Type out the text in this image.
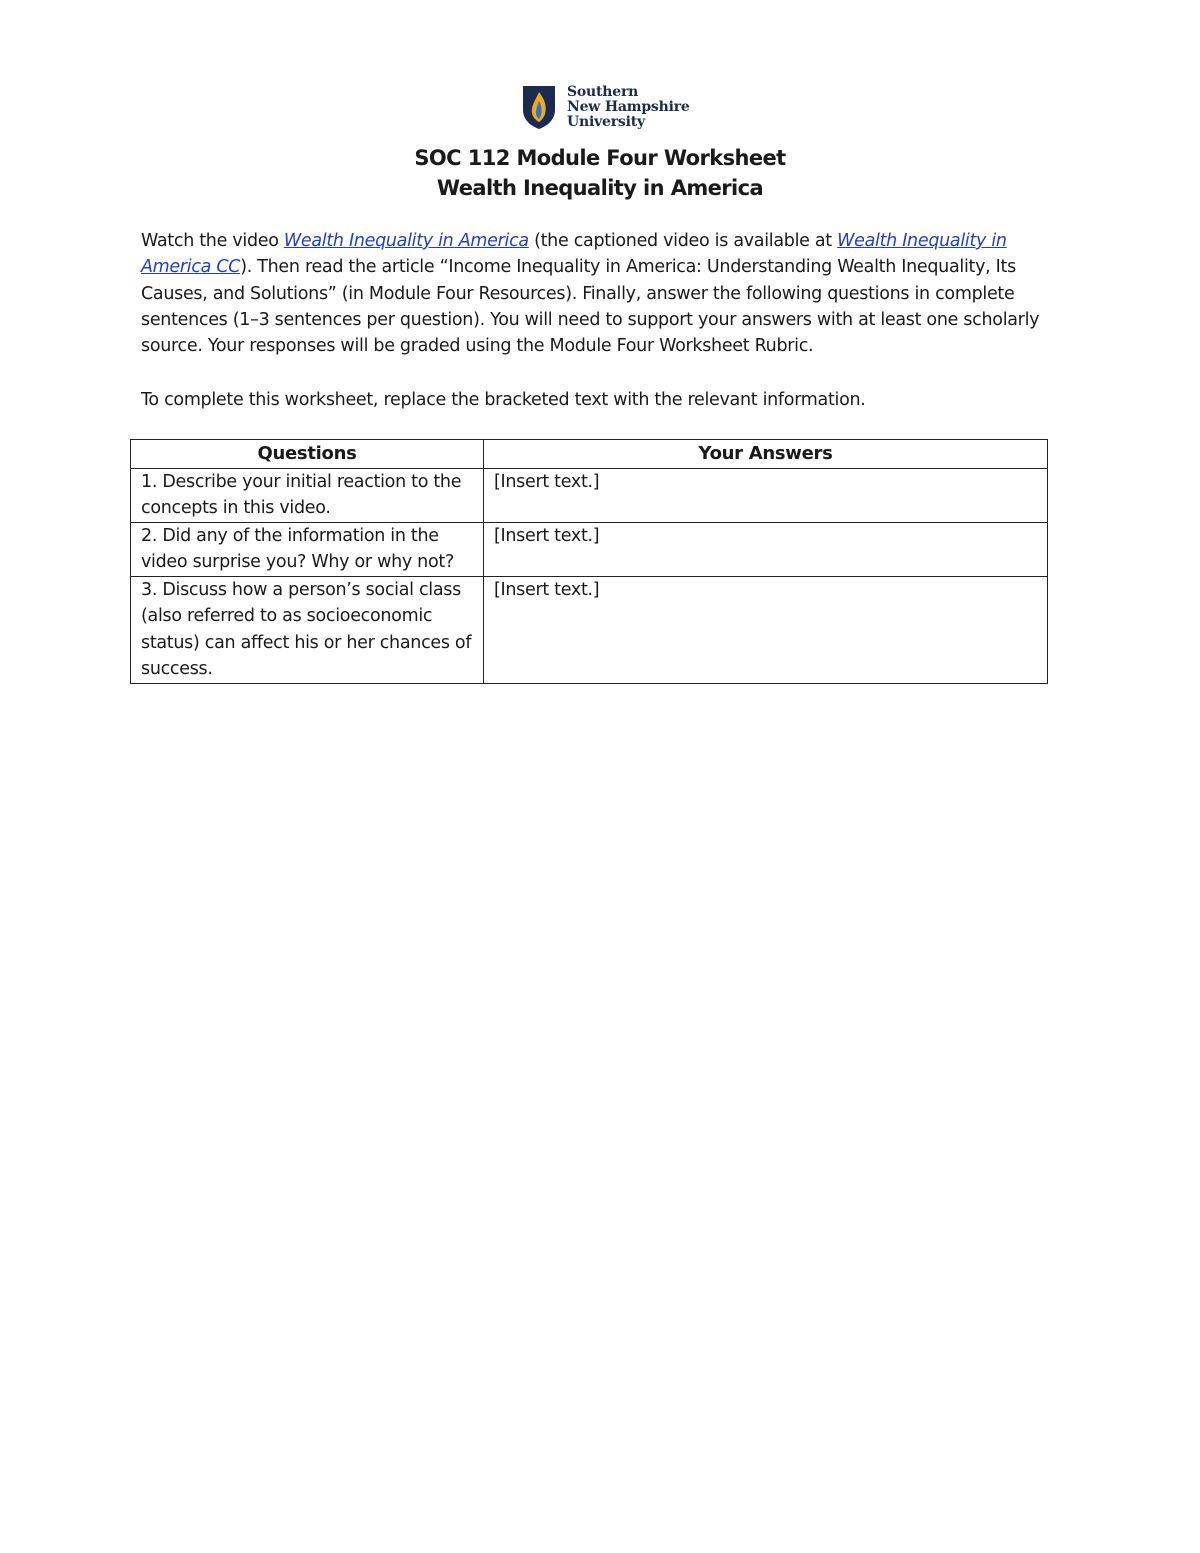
Southern
New Hampshire
University
SOC 112 Module Four Worksheet
Wealth Inequality in America

Watch the video Wealth Inequality in America (the captioned video is available at Wealth Inequality in America CC). Then read the article “Income Inequality in America: Understanding Wealth Inequality, Its Causes, and Solutions” (in Module Four Resources). Finally, answer the following questions in complete sentences (1–3 sentences per question). You will need to support your answers with at least one scholarly source. Your responses will be graded using the Module Four Worksheet Rubric.

To complete this worksheet, replace the bracketed text with the relevant information.

Questions	Your Answers
1. Describe your initial reaction to the concepts in this video.	[Insert text.]
2. Did any of the information in the video surprise you? Why or why not?	[Insert text.]
3. Discuss how a person’s social class (also referred to as socioeconomic status) can affect his or her chances of success.	[Insert text.]
